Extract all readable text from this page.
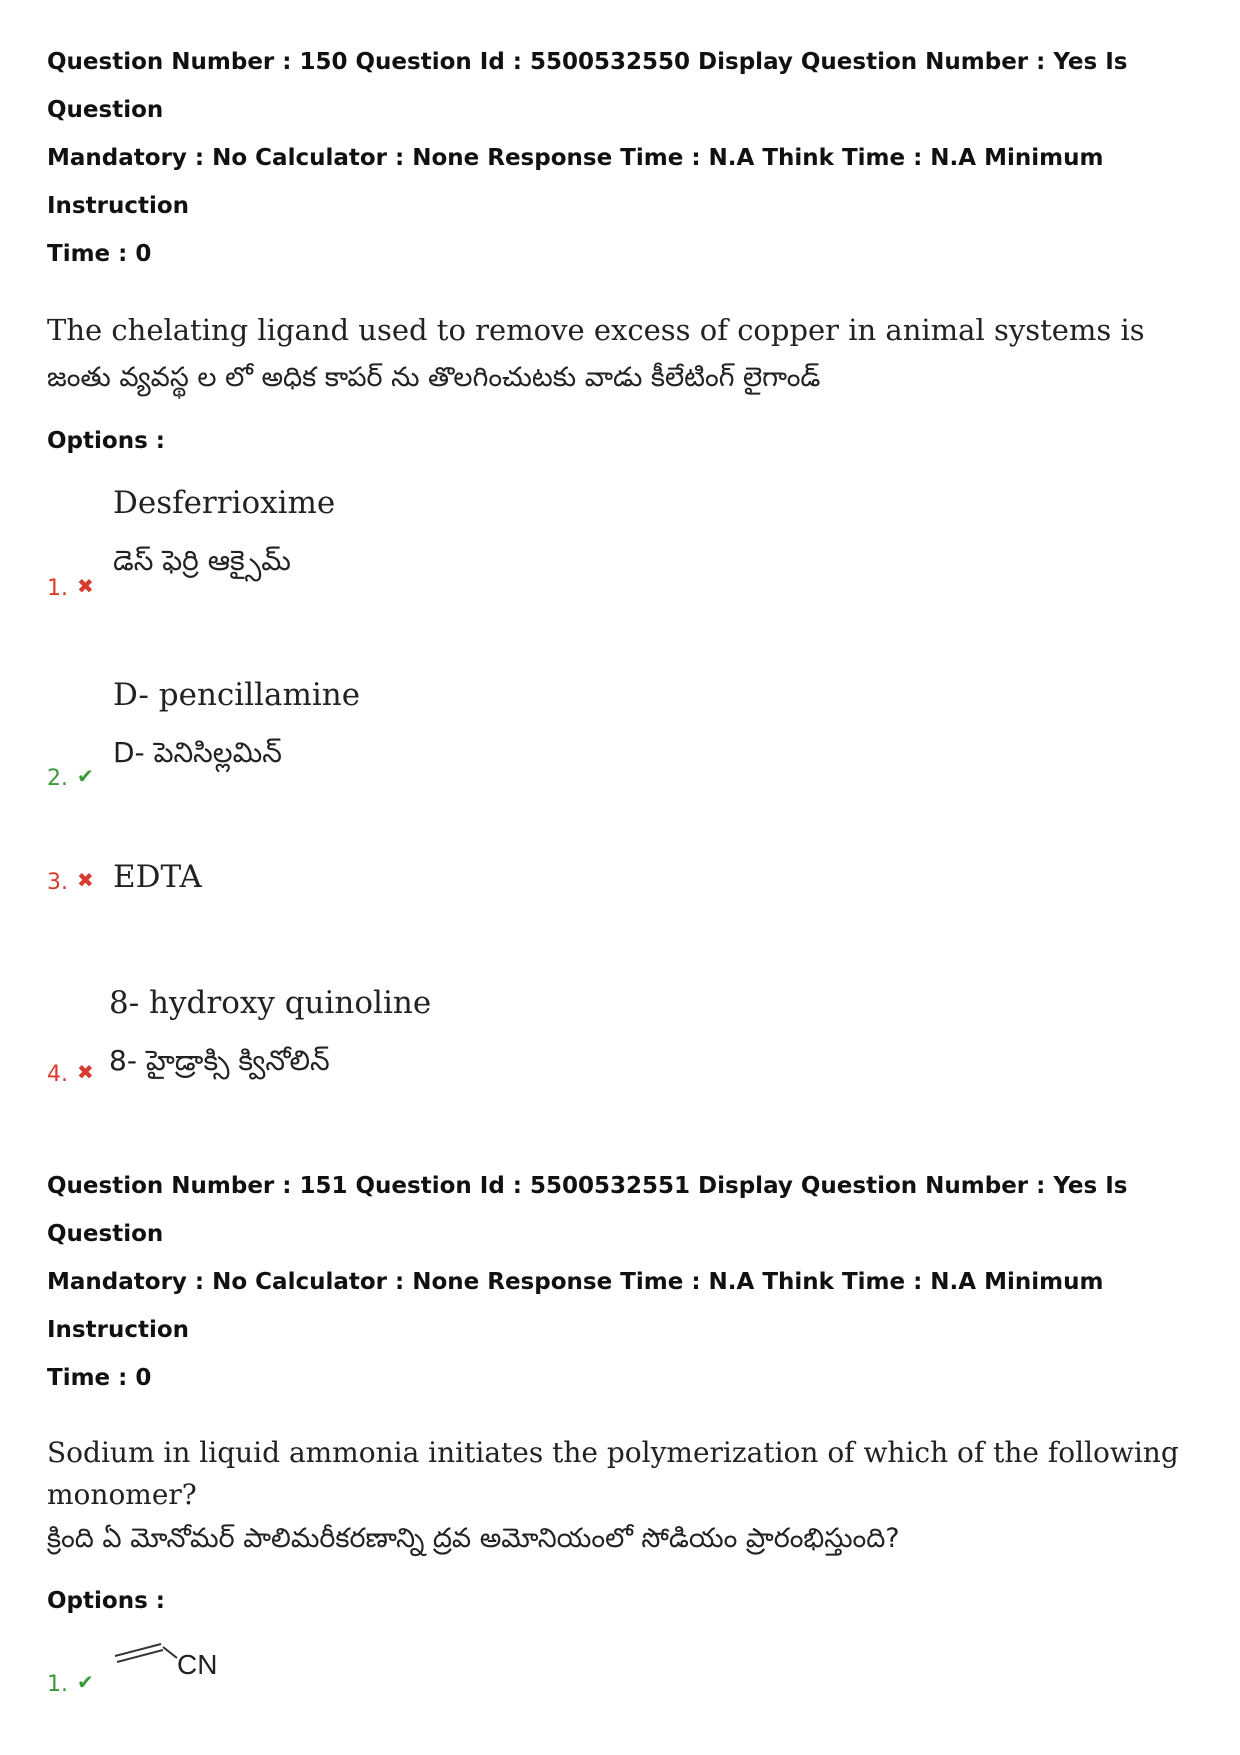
Question Number : 150 Question Id : 5500532550 Display Question Number : Yes Is Question
Mandatory : No Calculator : None Response Time : N.A Think Time : N.A Minimum Instruction
Time : 0
The chelating ligand used to remove excess of copper in animal systems is
జంతు వ్యవస్థ ల లో అధిక కాపర్ ను తొలగించుటకు వాడు కీలేటింగ్ లైగాండ్
Options :
Desferrioxime
డెస్ ఫెర్రి ఆక్సైమ్
1. ✖
D- pencillamine
D- పెనిసిల్లమిన్
2. ✔
EDTA
3. ✖
8- hydroxy quinoline
8- హైడ్రాక్సి క్వినోలిన్
4. ✖
Question Number : 151 Question Id : 5500532551 Display Question Number : Yes Is Question
Mandatory : No Calculator : None Response Time : N.A Think Time : N.A Minimum Instruction
Time : 0
Sodium in liquid ammonia initiates the polymerization of which of the following
monomer?
క్రింది ఏ మోనోమర్ పాలిమరీకరణాన్ని ద్రవ అమోనియంలో సోడియం ప్రారంభిస్తుంది?
Options :
CN
1. ✔
